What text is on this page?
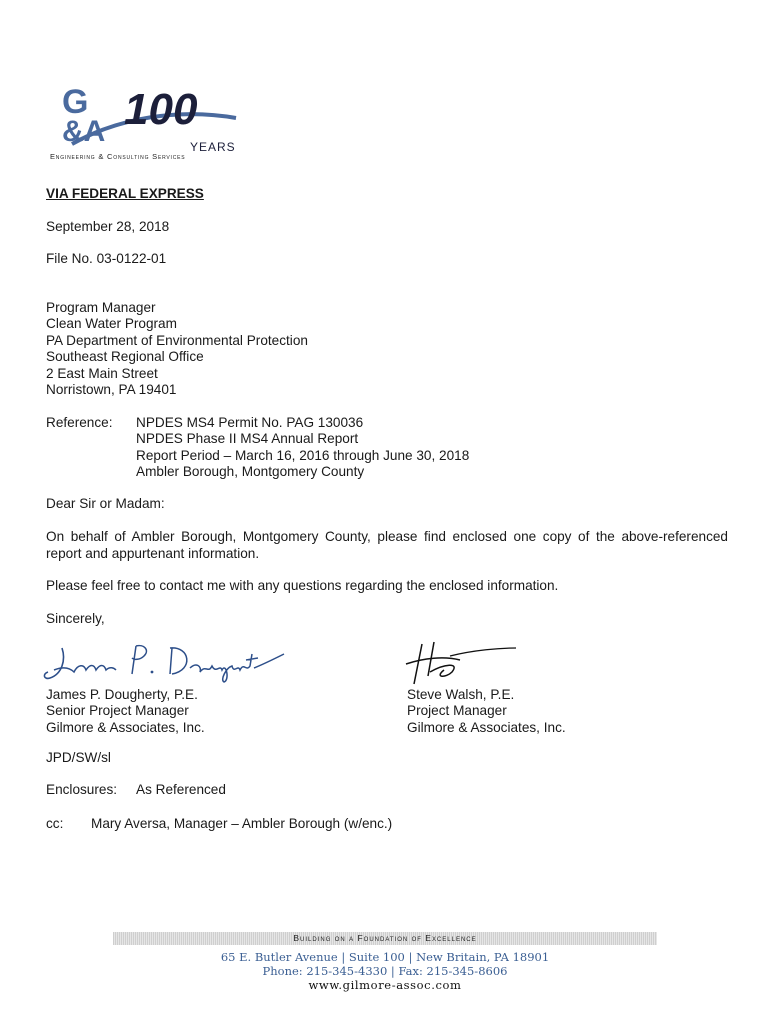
G
&A 100
YEARS
Engineering & Consulting Services
VIA FEDERAL EXPRESS
September 28, 2018
File No. 03-0122-01
Program Manager
Clean Water Program
PA Department of Environmental Protection
Southeast Regional Office
2 East Main Street
Norristown, PA 19401
Reference: NPDES MS4 Permit No. PAG 130036
NPDES Phase II MS4 Annual Report
Report Period – March 16, 2016 through June 30, 2018
Ambler Borough, Montgomery County
Dear Sir or Madam:
On behalf of Ambler Borough, Montgomery County, please find enclosed one copy of the above-referenced report and appurtenant information.
Please feel free to contact me with any questions regarding the enclosed information.
Sincerely,
James P. Dougherty, P.E.
Senior Project Manager
Gilmore & Associates, Inc.
Steve Walsh, P.E.
Project Manager
Gilmore & Associates, Inc.
JPD/SW/sl
Enclosures: As Referenced
cc: Mary Aversa, Manager – Ambler Borough (w/enc.)
Building on a Foundation of Excellence
65 E. Butler Avenue | Suite 100 | New Britain, PA 18901
Phone: 215-345-4330 | Fax: 215-345-8606
www.gilmore-assoc.com
